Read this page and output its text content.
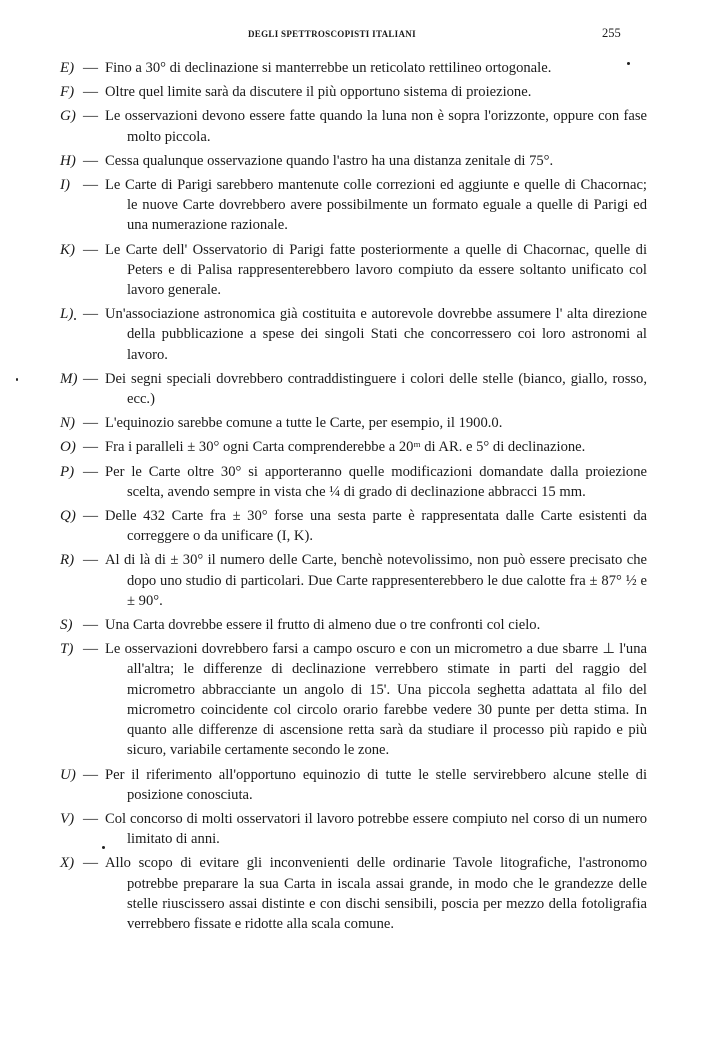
DEGLI SPETTROSCOPISTI ITALIANI	255
E) — Fino a 30° di declinazione si manterrebbe un reticolato rettilineo ortogonale.
F) — Oltre quel limite sarà da discutere il più opportuno sistema di proiezione.
G) — Le osservazioni devono essere fatte quando la luna non è sopra l'orizzonte, oppure con fase molto piccola.
H) — Cessa qualunque osservazione quando l'astro ha una distanza zenitale di 75°.
I) — Le Carte di Parigi sarebbero mantenute colle correzioni ed aggiunte e quelle di Chacornac; le nuove Carte dovrebbero avere possibilmente un formato eguale a quelle di Parigi ed una numerazione razionale.
K) — Le Carte dell' Osservatorio di Parigi fatte posteriormente a quelle di Chacornac, quelle di Peters e di Palisa rappresenterebbero lavoro compiuto da essere soltanto unificato col lavoro generale.
L) — Un'associazione astronomica già costituita e autorevole dovrebbe assumere l' alta direzione della pubblicazione a spese dei singoli Stati che concorressero coi loro astronomi al lavoro.
M) — Dei segni speciali dovrebbero contraddistinguere i colori delle stelle (bianco, giallo, rosso, ecc.)
N) — L'equinozio sarebbe comune a tutte le Carte, per esempio, il 1900.0.
O) — Fra i paralleli ± 30° ogni Carta comprenderebbe a 20ᵐ di AR. e 5° di declinazione.
P) — Per le Carte oltre 30° si apporteranno quelle modificazioni domandate dalla proiezione scelta, avendo sempre in vista che ¼ di grado di declinazione abbracci 15 mm.
Q) — Delle 432 Carte fra ± 30° forse una sesta parte è rappresentata dalle Carte esistenti da correggere o da unificare (I, K).
R) — Al di là di ± 30° il numero delle Carte, benchè notevolissimo, non può essere precisato che dopo uno studio di particolari. Due Carte rappresenterebbero le due calotte fra ± 87° ½ e ± 90°.
S) — Una Carta dovrebbe essere il frutto di almeno due o tre confronti col cielo.
T) — Le osservazioni dovrebbero farsi a campo oscuro e con un micrometro a due sbarre ⊥ l'una all'altra; le differenze di declinazione verrebbero stimate in parti del raggio del micrometro abbracciante un angolo di 15'. Una piccola seghetta adattata al filo del micrometro coincidente col circolo orario farebbe vedere 30 punte per detta stima. In quanto alle differenze di ascensione retta sarà da studiare il processo più rapido e più sicuro, variabile certamente secondo le zone.
U) — Per il riferimento all'opportuno equinozio di tutte le stelle servirebbero alcune stelle di posizione conosciuta.
V) — Col concorso di molti osservatori il lavoro potrebbe essere compiuto nel corso di un numero limitato di anni.
X) — Allo scopo di evitare gli inconvenienti delle ordinarie Tavole litografiche, l'astronomo potrebbe preparare la sua Carta in iscala assai grande, in modo che le grandezze delle stelle riuscissero assai distinte e con dischi sensibili, poscia per mezzo della fotoligrafia verrebbero fissate e ridotte alla scala comune.
